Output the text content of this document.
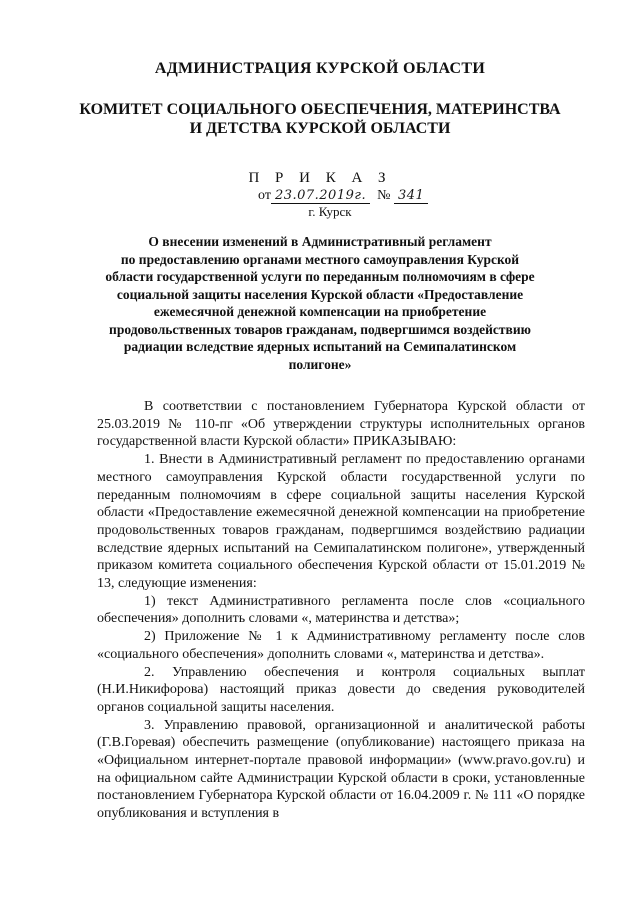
АДМИНИСТРАЦИЯ КУРСКОЙ ОБЛАСТИ
КОМИТЕТ СОЦИАЛЬНОГО ОБЕСПЕЧЕНИЯ, МАТЕРИНСТВА
И ДЕТСТВА КУРСКОЙ ОБЛАСТИ
П Р И К А З
от 23.07.2019г. № 341
г. Курск
О внесении изменений в Административный регламент
по предоставлению органами местного самоуправления Курской
области государственной услуги по переданным полномочиям в сфере
социальной защиты населения Курской области «Предоставление
ежемесячной денежной компенсации на приобретение
продовольственных товаров гражданам, подвергшимся воздействию
радиации вследствие ядерных испытаний на Семипалатинском
полигоне»

В соответствии с постановлением Губернатора Курской области от 25.03.2019 № 110-пг «Об утверждении структуры исполнительных органов государственной власти Курской области» ПРИКАЗЫВАЮ:

1. Внести в Административный регламент по предоставлению органами местного самоуправления Курской области государственной услуги по переданным полномочиям в сфере социальной защиты населения Курской области «Предоставление ежемесячной денежной компенсации на приобретение продовольственных товаров гражданам, подвергшимся воздействию радиации вследствие ядерных испытаний на Семипалатинском полигоне», утвержденный приказом комитета социального обеспечения Курской области от 15.01.2019 № 13, следующие изменения:

1) текст Административного регламента после слов «социального обеспечения» дополнить словами «, материнства и детства»;

2) Приложение № 1 к Административному регламенту после слов «социального обеспечения» дополнить словами «, материнства и детства».

2. Управлению обеспечения и контроля социальных выплат (Н.И.Никифорова) настоящий приказ довести до сведения руководителей органов социальной защиты населения.

3. Управлению правовой, организационной и аналитической работы (Г.В.Горевая) обеспечить размещение (опубликование) настоящего приказа на «Официальном интернет-портале правовой информации» (www.pravo.gov.ru) и на официальном сайте Администрации Курской области в сроки, установленные постановлением Губернатора Курской области от 16.04.2009 г. № 111 «О порядке опубликования и вступления в
